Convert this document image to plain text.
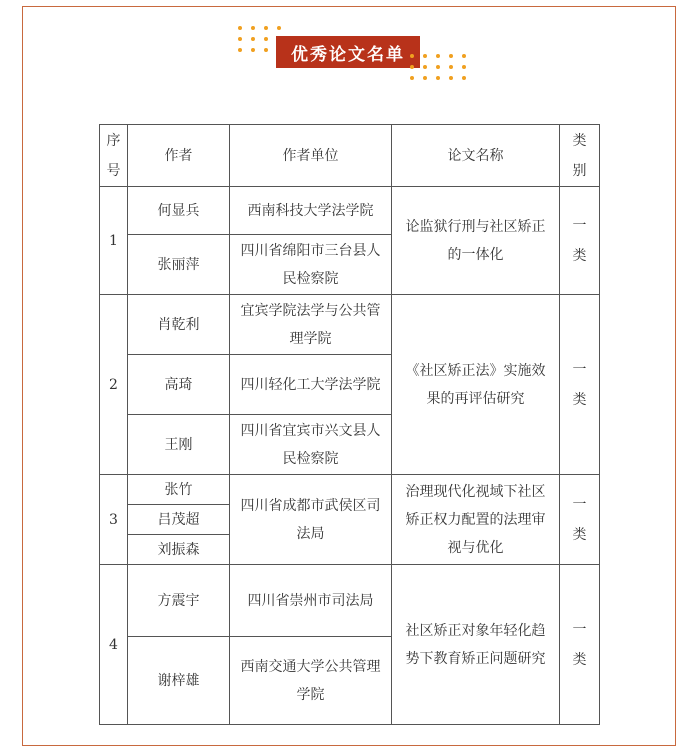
优秀论文名单
序号	作者	作者单位	论文名称	类别
1	何显兵	西南科技大学法学院	论监狱行刑与社区矫正的一体化	一类
	张丽萍	四川省绵阳市三台县人民检察院		
2	肖乾利	宜宾学院法学与公共管理学院	《社区矫正法》实施效果的再评估研究	一类
	高琦	四川轻化工大学法学院		
	王刚	四川省宜宾市兴文县人民检察院		
3	张竹	四川省成都市武侯区司法局	治理现代化视域下社区矫正权力配置的法理审视与优化	一类
	吕茂超			
	刘振森			
4	方震宇	四川省崇州市司法局	社区矫正对象年轻化趋势下教育矫正问题研究	一类
	谢梓雄	西南交通大学公共管理学院		
